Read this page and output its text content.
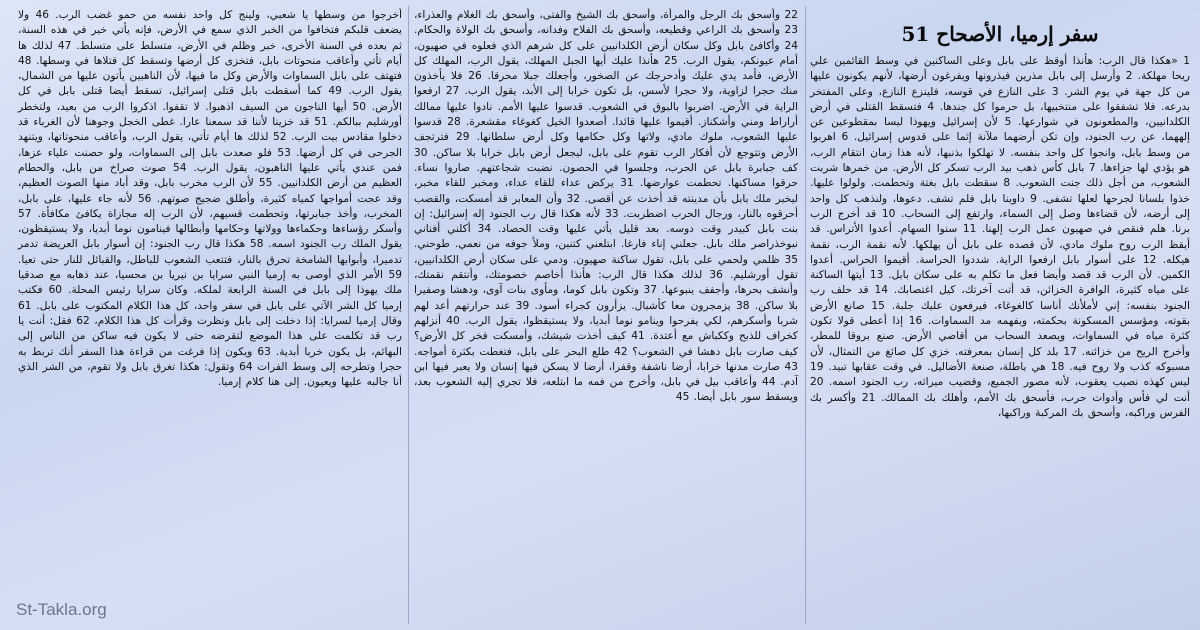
سفر إرميا، الأصحاح 51
1 «هكذا قال الرب: هأنذا أوقظ على بابل وعلى الساكنين في وسط القائمين علي ريحا مهلكة. 2 وأرسل إلى بابل مذرين فيذرونها ويفرغون أرضها، لأنهم يكونون عليها من كل جهة في يوم الشر. 3 على النازع في قوسه، فلينزع النازع، وعلى المفتخر بدرعه. فلا تشفقوا على منتخبيها، بل حرموا كل جندها. 4 فتسقط القتلى في أرض الكلدانيين، والمطعونون في شوارعها. 5 لأن إسرائيل ويهوذا ليسا بمقطوعين عن إلههما، عن رب الجنود، وإن تكن أرضهما ملآنة إثما على قدوس إسرائيل. 6 اهربوا من وسط بابل، وانجوا كل واحد بنفسه. لا تهلكوا بذنبها، لأنه هذا زمان انتقام الرب، هو يؤدي لها جزاءها. 7 بابل كأس ذهب بيد الرب تسكر كل الأرض. من خمرها شربت الشعوب، من أجل ذلك جنت الشعوب. 8 سقطت بابل بغتة وتحطمت. ولولوا عليها. خذوا بلسانا لجرحها لعلها تشفى. 9 داوينا بابل فلم تشف. دعوها، ولنذهب كل واحد إلى أرضه، لأن قضاءها وصل إلى السماء، وارتفع إلى السحاب. 10 قد أخرج الرب برنا. هلم فنقص في صهيون عمل الرب إلهنا. 11 سنوا السهام. أعدوا الأتراس. قد أيقظ الرب روح ملوك مادي، لأن قصده على بابل أن يهلكها. لأنه نقمة الرب، نقمة هيكله. 12 على أسوار بابل ارفعوا الراية. شددوا الحراسة. أقيموا الحراس. أعدوا الكمين. لأن الرب قد قصد وأيضا فعل ما تكلم به على سكان بابل. 13 أيتها الساكنة على مياه كثيرة، الوافرة الخزائن، قد أتت آخرتك، كيل اغتصابك. 14 قد حلف رب الجنود بنفسه: إني لأملأنك أناسا كالغوغاء، فيرفعون عليك جلبة. 15 صانع الأرض بقوته، ومؤسس المسكونة بحكمته، وبفهمه مد السماوات. 16 إذا أعطى قولا تكون كثرة مياه في السماوات، ويصعد السحاب من أقاصي الأرض. صنع بروقا للمطر، وأخرج الريح من خزائنه. 17 بلد كل إنسان بمعرفته. خزي كل صائغ من التمثال، لأن مسبوكه كذب ولا روح فيه. 18 هي باطلة، صنعة الأضاليل. في وقت عقابها تبيد. 19 ليس كهذه نصيب يعقوب، لأنه مصور الجميع، وقضيب ميراثه، رب الجنود اسمه. 20 أنت لي فأس وأدوات حرب، فأسحق بك الأمم، وأهلك بك الممالك. 21 وأكسر بك الفرس وراكبه، وأسحق بك المركبة وراكبها،
22 وأسحق بك الرجل والمرأة، وأسحق بك الشيخ والفتى، وأسحق بك الغلام والعذراء، 23 وأسحق بك الراعي وقطيعه، وأسحق بك الفلاح وفدانه، وأسحق بك الولاة والحكام. 24 وأكافئ بابل وكل سكان أرض الكلدانيين على كل شرهم الذي فعلوه في صهيون، أمام عيونكم، يقول الرب. 25 هأنذا عليك أيها الجبل المهلك، يقول الرب، المهلك كل الأرض، فأمد يدي عليك وأدحرجك عن الصخور، وأجعلك جبلا محرقا. 26 فلا يأخذون منك حجرا لزاوية، ولا حجرا لأسس، بل تكون خرابا إلى الأبد، يقول الرب. 27 ارفعوا الراية في الأرض. اضربوا بالبوق في الشعوب. قدسوا عليها الأمم. نادوا عليها ممالك أراراط ومني وأشكناز. أقيموا عليها قائدا. أصعدوا الخيل كغوغاء مقشعرة. 28 قدسوا عليها الشعوب، ملوك مادي، ولاتها وكل حكامها وكل أرض سلطانها. 29 فترتجف الأرض وتتوجع لأن أفكار الرب تقوم على بابل، ليجعل أرض بابل خرابا بلا ساكن. 30 كف جبابرة بابل عن الحرب، وجلسوا في الحصون. نضبت شجاعتهم. صاروا نساء. حرقوا مساكنها. تحطمت عوارضها. 31 يركض عداء للقاء عداء، ومخبر للقاء مخبر، ليخبر ملك بابل بأن مدينته قد أخذت عن أقصى. 32 وأن المعابر قد أمسكت، والقصب أحرقوه بالنار، ورجال الحرب اضطربت. 33 لأنه هكذا قال رب الجنود إله إسرائيل: إن بنت بابل كبيدر وقت دوسه. بعد قليل يأتي عليها وقت الحصاد. 34 أكلني أفناني نبوخذراصر ملك بابل. جعلني إناء فارغا. ابتلعني كتنين، وملأ جوفه من نعمي. طوحني. 35 ظلمي ولحمي على بابل، تقول ساكنة صهيون. ودمي على سكان أرض الكلدانيين، تقول أورشليم. 36 لذلك هكذا قال الرب: هأنذا أخاصم خصومتك، وأنتقم نقمتك، وأنشف بحرها، وأجفف ينبوعها. 37 وتكون بابل كوما، ومأوى بنات آوى، ودهشا وصفيرا بلا ساكن. 38 يزمجرون معا كأشبال. يزأرون كجراء أسود. 39 عند حرارتهم أعد لهم شربا وأسكرهم، لكي يفرحوا وينامو نوما أبديا، ولا يستيقظوا، يقول الرب. 40 أنزلهم كخراف للذبح وككباش مع أعتدة. 41 كيف أخذت شيشك، وأمسكت فخر كل الأرض؟ كيف صارت بابل دهشا في الشعوب؟ 42 طلع البحر على بابل، فتغطت بكثرة أمواجه. 43 صارت مدنها خرابا، أرضا ناشفة وقفرا، أرضا لا يسكن فيها إنسان ولا يعبر فيها ابن آدم. 44 وأعاقب بيل في بابل، وأخرج من فمه ما ابتلعه، فلا تجري إليه الشعوب بعد، ويسقط سور بابل أيضا. 45
أخرجوا من وسطها يا شعبي، ولينج كل واحد نفسه من حمو غضب الرب. 46 ولا يضعف قلبكم فتخافوا من الخبر الذي سمع في الأرض، فإنه يأتي خبر في هذه السنة، ثم بعده في السنة الأخرى، خبر وظلم في الأرض، متسلط على متسلط. 47 لذلك ها أيام تأتي وأعاقب منحوتات بابل، فتخزى كل أرضها وتسقط كل قتلاها في وسطها. 48 فتهتف على بابل السماوات والأرض وكل ما فيها، لأن الناهبين يأتون عليها من الشمال، يقول الرب. 49 كما أسقطت بابل قتلى إسرائيل، تسقط أيضا قتلى بابل في كل الأرض. 50 أيها الناجون من السيف اذهبوا. لا تقفوا. اذكروا الرب من بعيد، ولتخطر أورشليم ببالكم. 51 قد خزينا لأننا قد سمعنا عارا. غطى الخجل وجوهنا لأن الغرباء قد دخلوا مقادس بيت الرب. 52 لذلك ها أيام تأتي، يقول الرب، وأعاقب منحوتاتها، ويتنهد الجرحى في كل أرضها. 53 فلو صعدت بابل إلى السماوات، ولو حصنت علياء عزها، فمن عندي يأتي عليها الناهبون، يقول الرب. 54 صوت صراخ من بابل، والحطام العظيم من أرض الكلدانيين. 55 لأن الرب مخرب بابل، وقد أباد منها الصوت العظيم، وقد عجت أمواجها كمياه كثيرة، وأطلق ضجيج صوتهم. 56 لأنه جاء عليها، على بابل، المخرب، وأخذ جبابرتها، وتحطمت قسيهم، لأن الرب إله مجازاة يكافئ مكافأة. 57 وأسكر رؤساءها وحكماءها وولاتها وحكامها وأبطالها فينامون نوما أبديا، ولا يستيقظون، يقول الملك رب الجنود اسمه. 58 هكذا قال رب الجنود: إن أسوار بابل العريضة تدمر تدميرا، وأبوابها الشامخة تحرق بالنار، فتتعب الشعوب للباطل، والقبائل للنار حتى تعيا. 59 الأمر الذي أوصى به إرميا النبي سرايا بن نيريا بن محسيا، عند ذهابه مع صدقيا ملك يهوذا إلى بابل في السنة الرابعة لملكه. وكان سرايا رئيس المحلة. 60 فكتب إرميا كل الشر الآتي على بابل في سفر واحد، كل هذا الكلام المكتوب على بابل. 61 وقال إرميا لسرايا: إذا دخلت إلى بابل ونظرت وقرأت كل هذا الكلام، 62 فقل: أنت يا رب قد تكلمت على هذا الموضع لتقرضه حتى لا يكون فيه ساكن من الناس إلى البهائم، بل يكون خربا أبدية. 63 ويكون إذا فرغت من قراءة هذا السفر أنك تربط به حجرا وتطرحه إلى وسط الفرات 64 وتقول: هكذا تغرق بابل ولا تقوم، من الشر الذي أنا جالبه عليها ويعيون. إلى هنا كلام إرميا.
St-Takla.org
